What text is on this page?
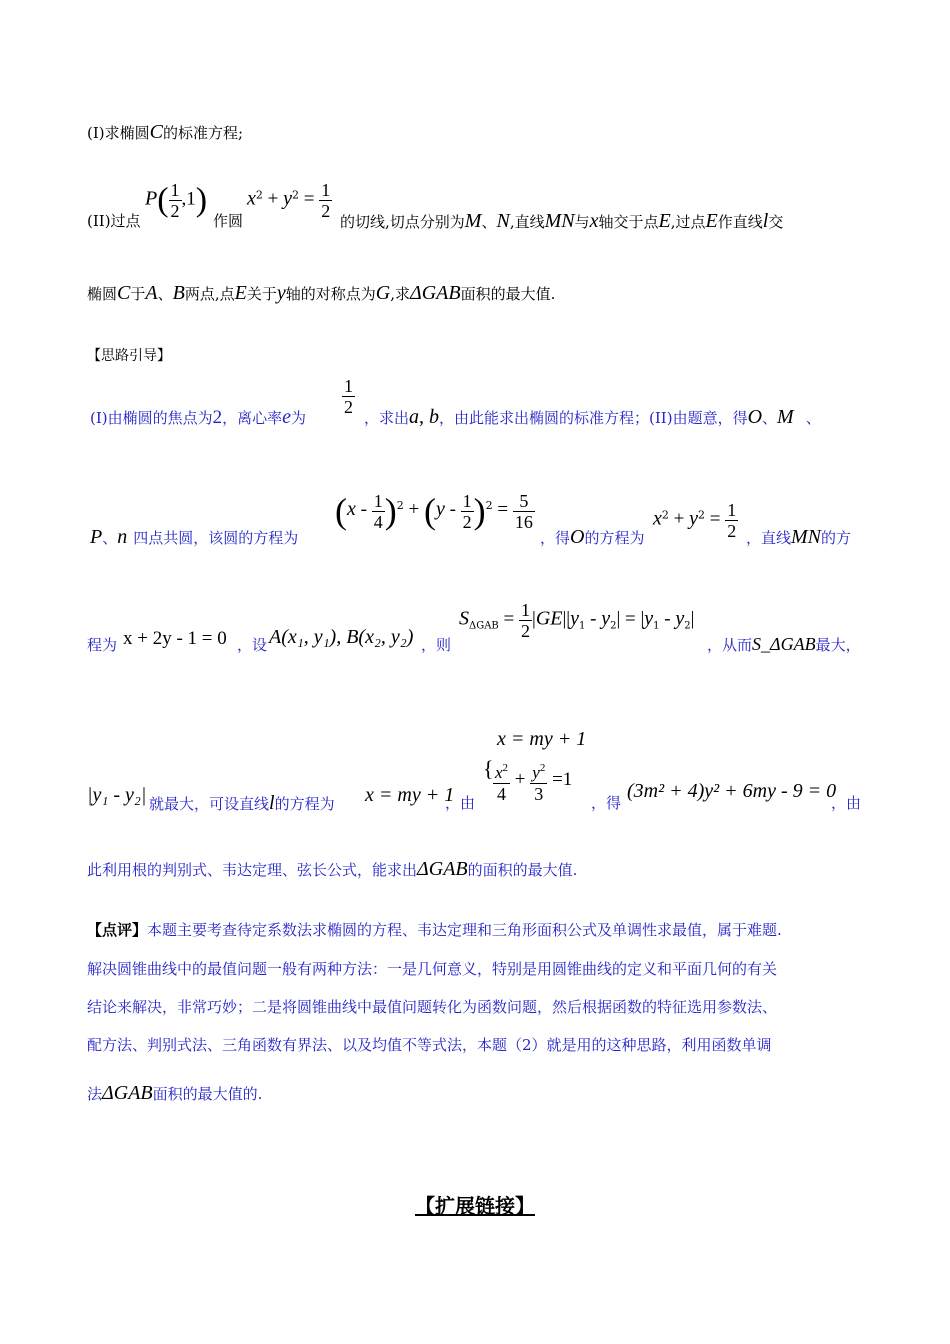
(I)求椭圆C的标准方程;
(II)过点
$P( \frac{1}{2} ,1)$
作圆
$x^2 + y^2 = \frac{1}{2}$
的切线,切点分别为M、N,直线MN与x轴交于点E,过点E作直线l交
椭圆C于A、B两点,点E关于y轴的对称点为G,求ΔGAB面积的最大值.
【思路引导】
(I)由椭圆的焦点为2，离心率e为
$\frac{1}{2}$
，求出a, b，由此能求出椭圆的标准方程；(II)由题意，得O、M 、
P、n 四点共圆，该圆的方程为
$(x - \frac{1}{4} )^2 + (y - \frac{1}{2} )^2 = \frac{5}{16}$
，得O的方程为
$x^2 + y^2 = \frac{1}{2}$ ，直线MN的方
程为 x + 2y - 1 = 0 ，设 A(x₁, y₁), B(x₂, y₂) ，则
$S_{\Delta GAB} = \frac{1}{2} |GE||y_1 - y_2| = |y_1 - y_2|$
，从而S_ΔGAB最大，
|y₁ - y₂| 就最大，可设直线l的方程为 x = my + 1
，由
x = my + 1
{ $\frac{x^2}{4} + \frac{y^2}{3} =1$
，得
(3m² + 4)y² + 6my - 9 = 0
，由
此利用根的判别式、韦达定理、弦长公式，能求出ΔGAB的面积的最大值.
【点评】本题主要考查待定系数法求椭圆的方程、韦达定理和三角形面积公式及单调性求最值，属于难题.
解决圆锥曲线中的最值问题一般有两种方法：一是几何意义，特别是用圆锥曲线的定义和平面几何的有关
结论来解决，非常巧妙；二是将圆锥曲线中最值问题转化为函数问题，然后根据函数的特征选用参数法、
配方法、判别式法、三角函数有界法、以及均值不等式法，本题（2）就是用的这种思路，利用函数单调
法ΔGAB面积的最大值的.
【扩展链接】
